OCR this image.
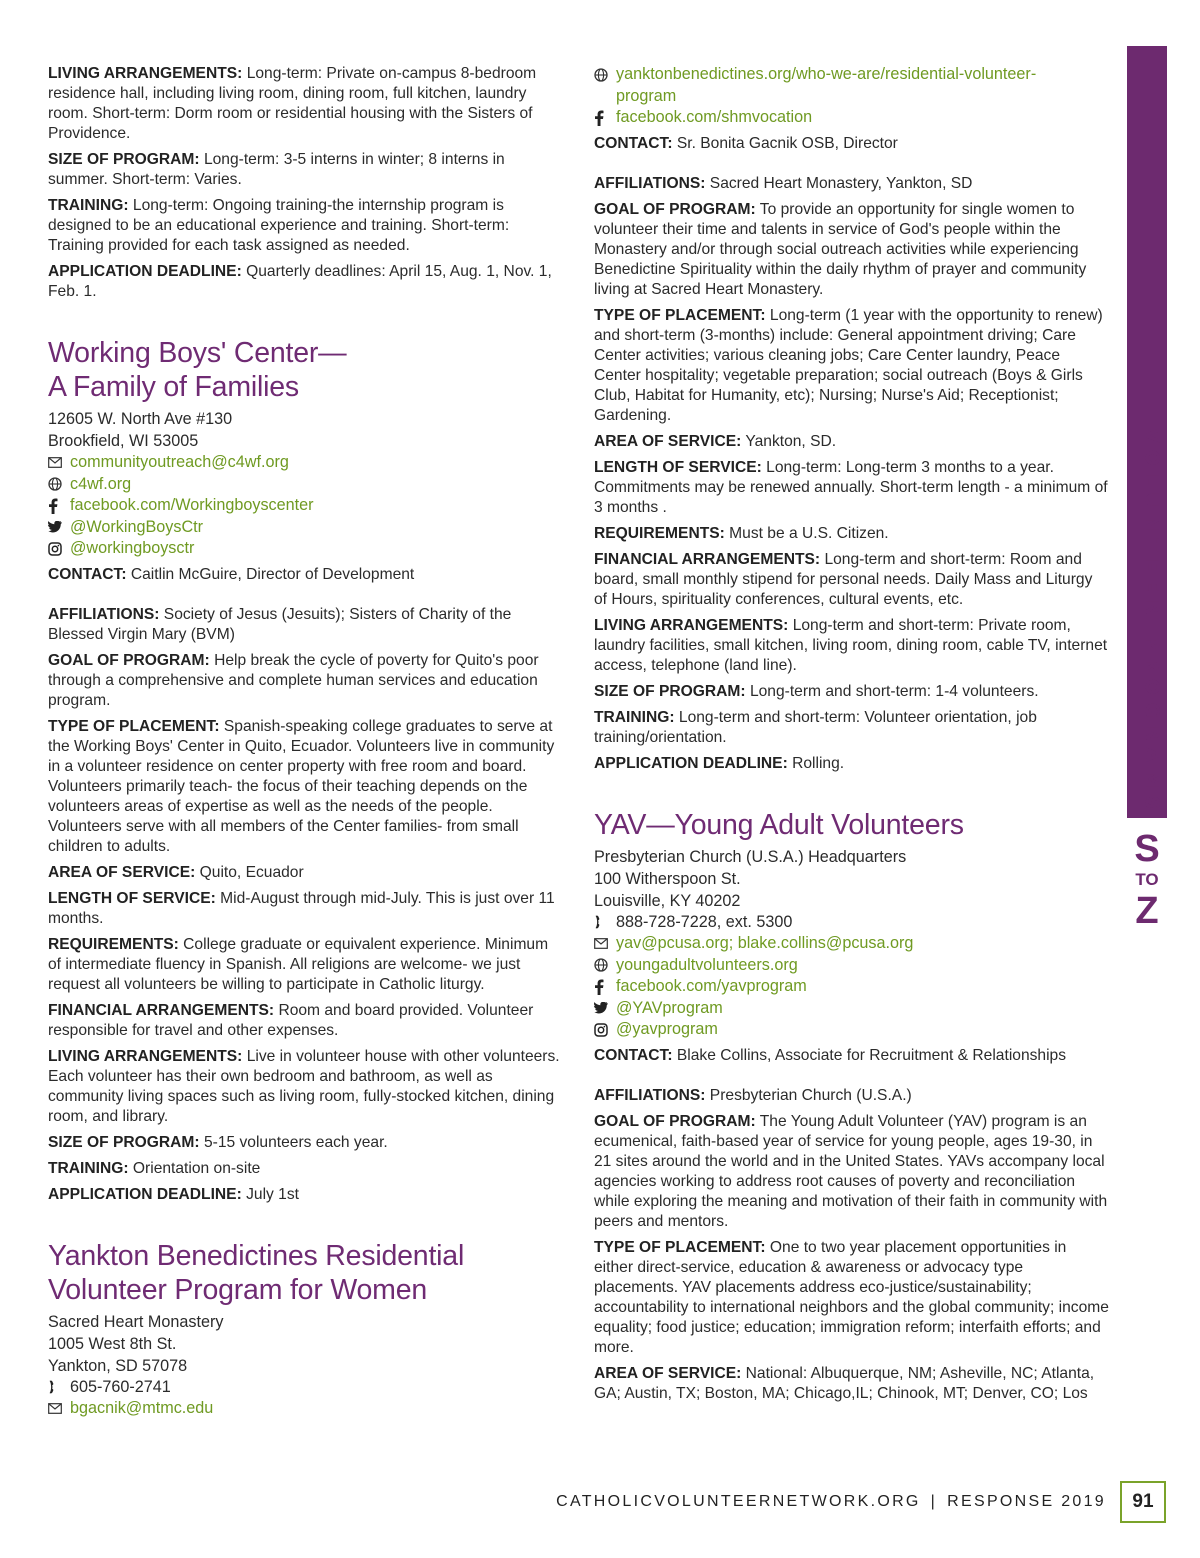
LIVING ARRANGEMENTS: Long-term: Private on-campus 8-bedroom residence hall, including living room, dining room, full kitchen, laundry room. Short-term: Dorm room or residential housing with the Sisters of Providence.
SIZE OF PROGRAM: Long-term: 3-5 interns in winter; 8 interns in summer. Short-term: Varies.
TRAINING: Long-term: Ongoing training-the internship program is designed to be an educational experience and training. Short-term: Training provided for each task assigned as needed.
APPLICATION DEADLINE: Quarterly deadlines: April 15, Aug. 1, Nov. 1, Feb. 1.
Working Boys' Center—
A Family of Families
12605 W. North Ave #130
Brookfield, WI 53005
communityoutreach@c4wf.org
c4wf.org
facebook.com/Workingboyscenter
@WorkingBoysCtr
@workingboysctr
CONTACT: Caitlin McGuire, Director of Development
AFFILIATIONS: Society of Jesus (Jesuits); Sisters of Charity of the Blessed Virgin Mary (BVM)
GOAL OF PROGRAM: Help break the cycle of poverty for Quito's poor through a comprehensive and complete human services and education program.
TYPE OF PLACEMENT: Spanish-speaking college graduates to serve at the Working Boys' Center in Quito, Ecuador. Volunteers live in community in a volunteer residence on center property with free room and board. Volunteers primarily teach- the focus of their teaching depends on the volunteers areas of expertise as well as the needs of the people. Volunteers serve with all members of the Center families- from small children to adults.
AREA OF SERVICE: Quito, Ecuador
LENGTH OF SERVICE: Mid-August through mid-July. This is just over 11 months.
REQUIREMENTS: College graduate or equivalent experience. Minimum of intermediate fluency in Spanish. All religions are welcome- we just request all volunteers be willing to participate in Catholic liturgy.
FINANCIAL ARRANGEMENTS: Room and board provided. Volunteer responsible for travel and other expenses.
LIVING ARRANGEMENTS: Live in volunteer house with other volunteers. Each volunteer has their own bedroom and bathroom, as well as community living spaces such as living room, fully-stocked kitchen, dining room, and library.
SIZE OF PROGRAM: 5-15 volunteers each year.
TRAINING: Orientation on-site
APPLICATION DEADLINE: July 1st
Yankton Benedictines Residential
Volunteer Program for Women
Sacred Heart Monastery
1005 West 8th St.
Yankton, SD 57078
605-760-2741
bgacnik@mtmc.edu
yanktonbenedictines.org/who-we-are/residential-volunteer-program
facebook.com/shmvocation
CONTACT: Sr. Bonita Gacnik OSB, Director
AFFILIATIONS: Sacred Heart Monastery, Yankton, SD
GOAL OF PROGRAM: To provide an opportunity for single women to volunteer their time and talents in service of God's people within the Monastery and/or through social outreach activities while experiencing Benedictine Spirituality within the daily rhythm of prayer and community living at Sacred Heart Monastery.
TYPE OF PLACEMENT: Long-term (1 year with the opportunity to renew) and short-term (3-months) include: General appointment driving; Care Center activities; various cleaning jobs; Care Center laundry, Peace Center hospitality; vegetable preparation; social outreach (Boys & Girls Club, Habitat for Humanity, etc); Nursing; Nurse's Aid; Receptionist; Gardening.
AREA OF SERVICE: Yankton, SD.
LENGTH OF SERVICE: Long-term: Long-term 3 months to a year. Commitments may be renewed annually. Short-term length - a minimum of 3 months .
REQUIREMENTS: Must be a U.S. Citizen.
FINANCIAL ARRANGEMENTS: Long-term and short-term: Room and board, small monthly stipend for personal needs. Daily Mass and Liturgy of Hours, spirituality conferences, cultural events, etc.
LIVING ARRANGEMENTS: Long-term and short-term: Private room, laundry facilities, small kitchen, living room, dining room, cable TV, internet access, telephone (land line).
SIZE OF PROGRAM: Long-term and short-term: 1-4 volunteers.
TRAINING: Long-term and short-term: Volunteer orientation, job training/orientation.
APPLICATION DEADLINE: Rolling.
YAV—Young Adult Volunteers
Presbyterian Church (U.S.A.) Headquarters
100 Witherspoon St.
Louisville, KY 40202
888-728-7228, ext. 5300
yav@pcusa.org; blake.collins@pcusa.org
youngadultvolunteers.org
facebook.com/yavprogram
@YAVprogram
@yavprogram
CONTACT: Blake Collins, Associate for Recruitment & Relationships
AFFILIATIONS: Presbyterian Church (U.S.A.)
GOAL OF PROGRAM: The Young Adult Volunteer (YAV) program is an ecumenical, faith-based year of service for young people, ages 19-30, in 21 sites around the world and in the United States. YAVs accompany local agencies working to address root causes of poverty and reconciliation while exploring the meaning and motivation of their faith in community with peers and mentors.
TYPE OF PLACEMENT: One to two year placement opportunities in either direct-service, education & awareness or advocacy type placements. YAV placements address eco-justice/sustainability; accountability to international neighbors and the global community; income equality; food justice; education; immigration reform; interfaith efforts; and more.
AREA OF SERVICE: National: Albuquerque, NM; Asheville, NC; Atlanta, GA; Austin, TX; Boston, MA; Chicago,IL; Chinook, MT; Denver, CO; Los
VOLUNTEER PROGRAMS
S
TO
Z
CATHOLICVOLUNTEERNETWORK.ORG | RESPONSE 2019	91
